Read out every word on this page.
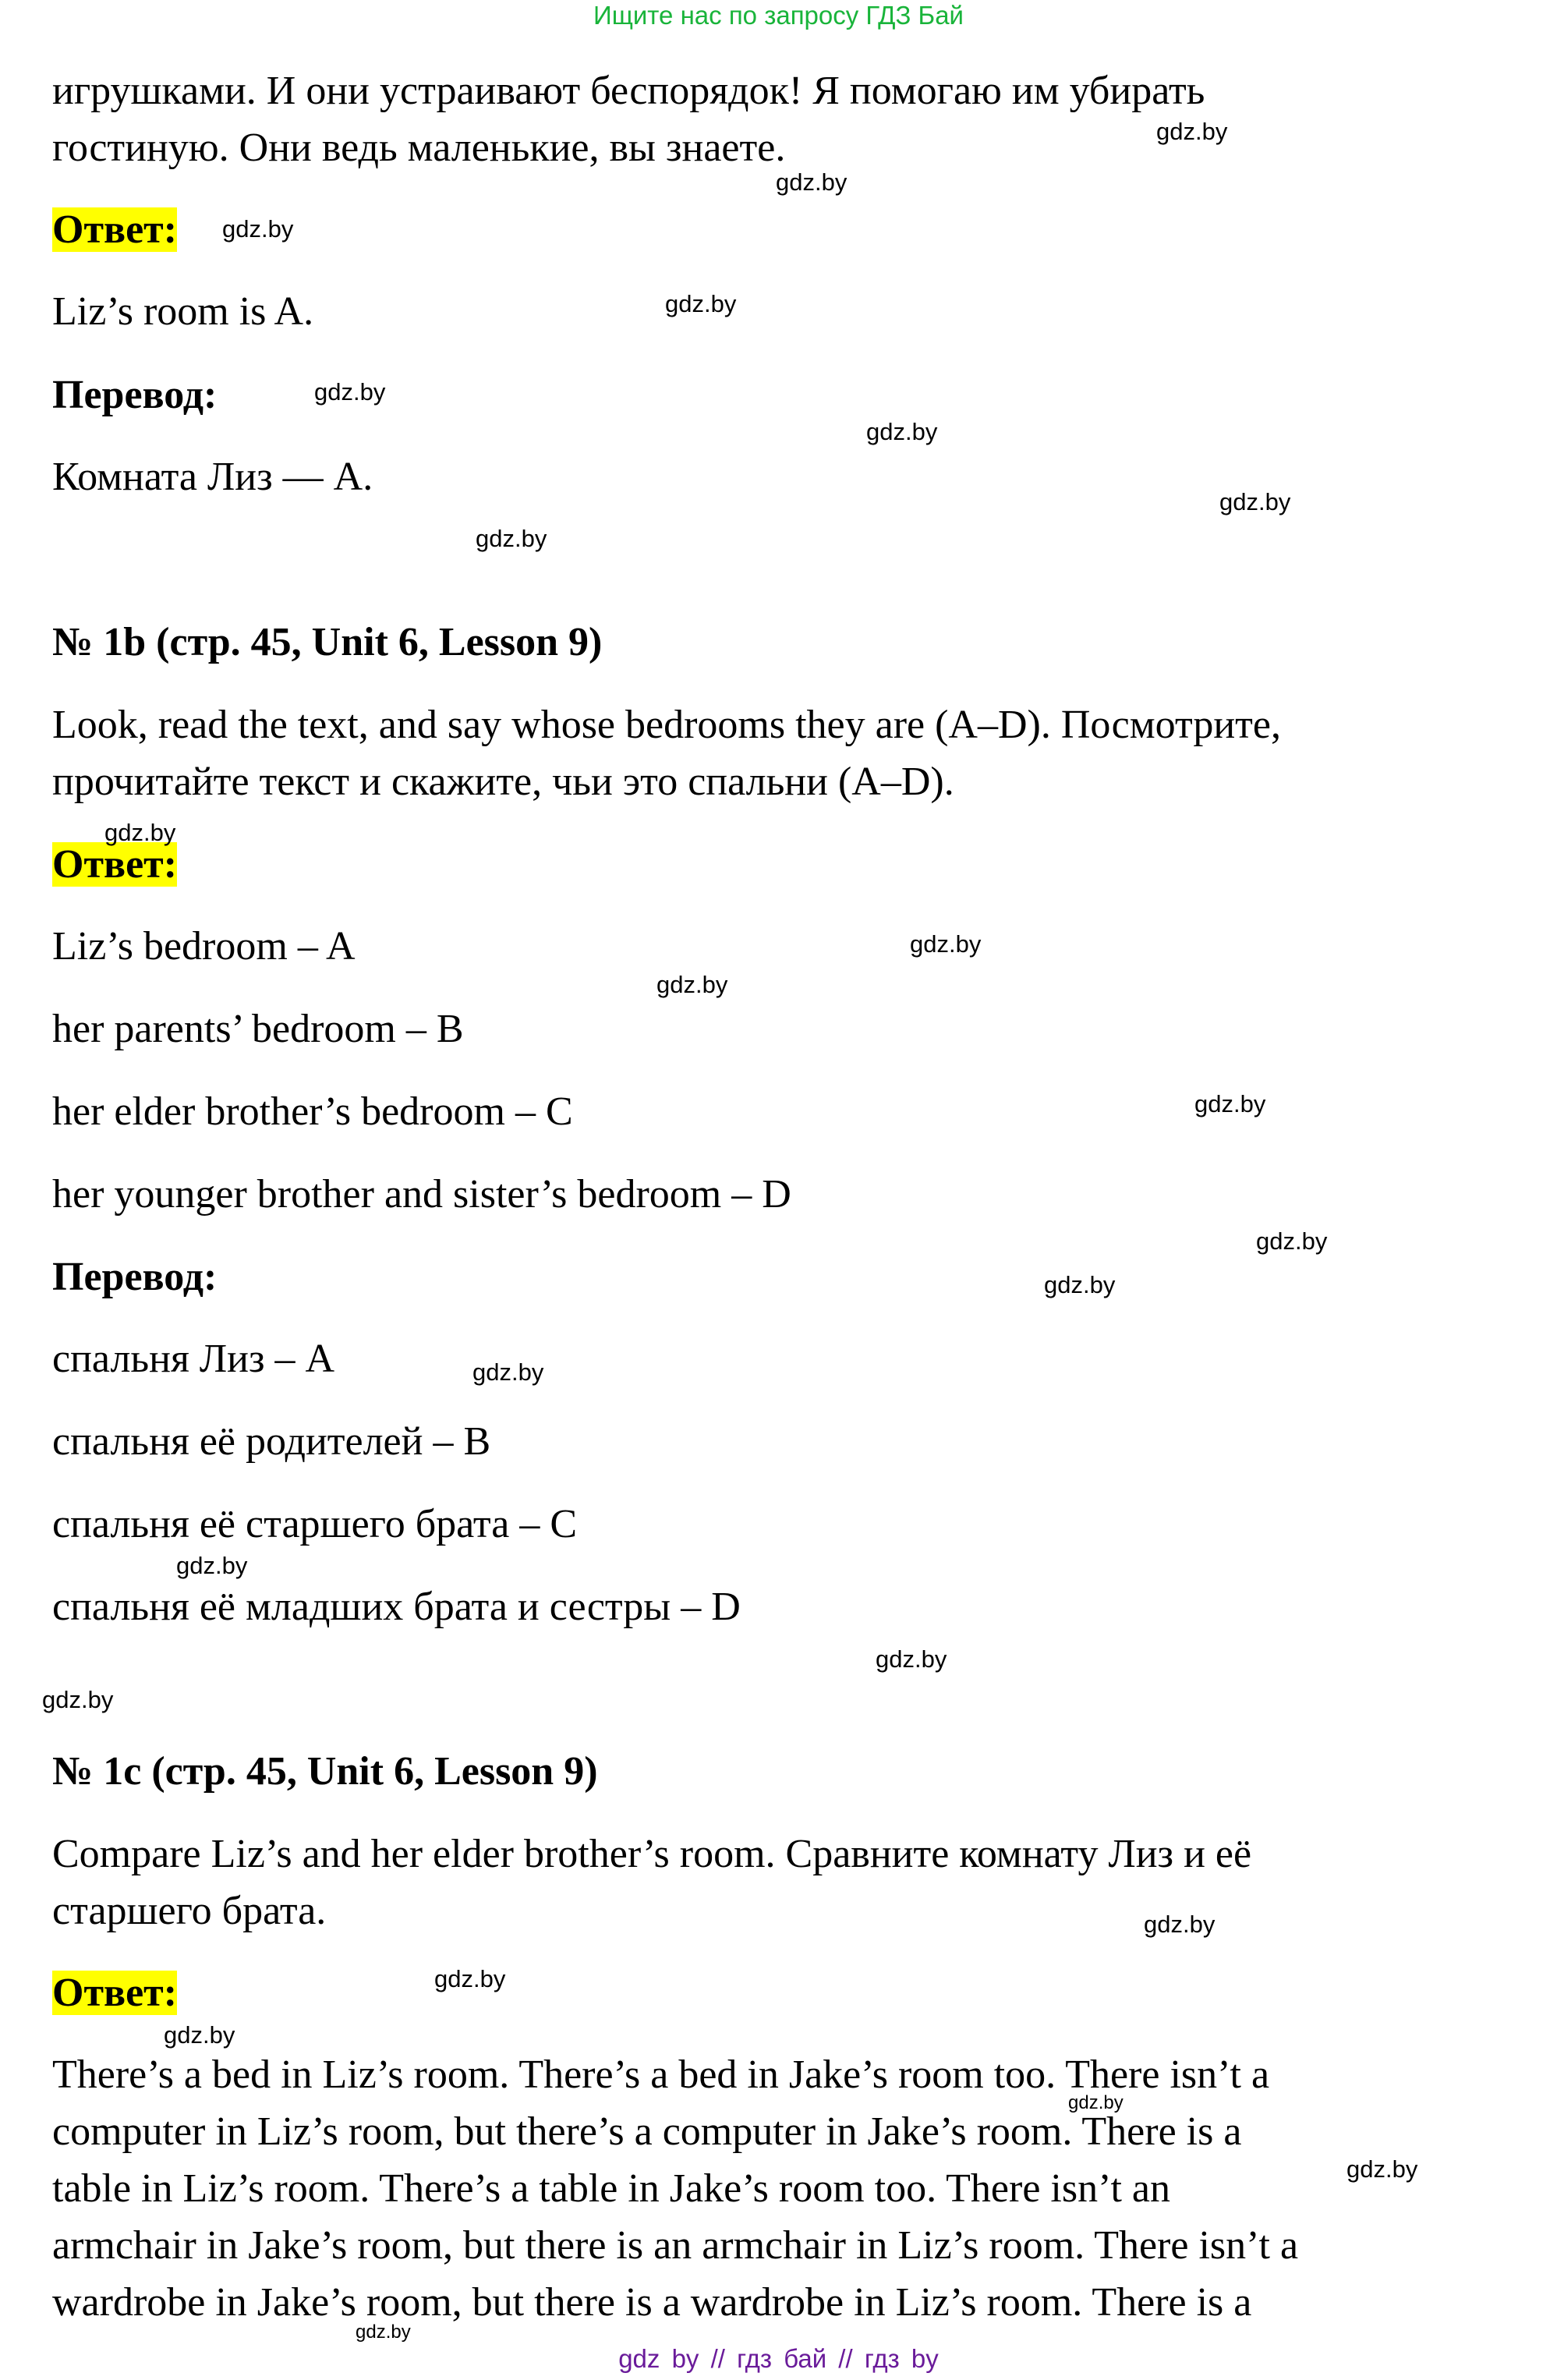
Ищите нас по запросу ГДЗ Бай
игрушками. И они устраивают беспорядок! Я помогаю им убирать
гостиную. Они ведь маленькие, вы знаете.
Ответ:
Liz’s room is A.
Перевод:
Комната Лиз — A.
№ 1b (стр. 45, Unit 6, Lesson 9)
Look, read the text, and say whose bedrooms they are (A–D). Посмотрите,
прочитайте текст и скажите, чьи это спальни (A–D).
Ответ:
Liz’s bedroom – A
her parents’ bedroom – B
her elder brother’s bedroom – C
her younger brother and sister’s bedroom – D
Перевод:
спальня Лиз – A
спальня её родителей – B
спальня её старшего брата – C
спальня её младших брата и сестры – D
№ 1c (стр. 45, Unit 6, Lesson 9)
Compare Liz’s and her elder brother’s room. Сравните комнату Лиз и её
старшего брата.
Ответ:
There’s a bed in Liz’s room. There’s a bed in Jake’s room too. There isn’t a
computer in Liz’s room, but there’s a computer in Jake’s room. There is a
table in Liz’s room. There’s a table in Jake’s room too. There isn’t an
armchair in Jake’s room, but there is an armchair in Liz’s room. There isn’t a
wardrobe in Jake’s room, but there is a wardrobe in Liz’s room. There is a
gdz.by
gdz.by
gdz.by
gdz.by
gdz.by
gdz.by
gdz.by
gdz.by
gdz.by
gdz.by
gdz.by
gdz.by
gdz.by
gdz.by
gdz.by
gdz.by
gdz.by
gdz.by
gdz.by
gdz.by
gdz.by
gdz.by
gdz.by
gdz.by
gdz by // гдз бай // гдз by
